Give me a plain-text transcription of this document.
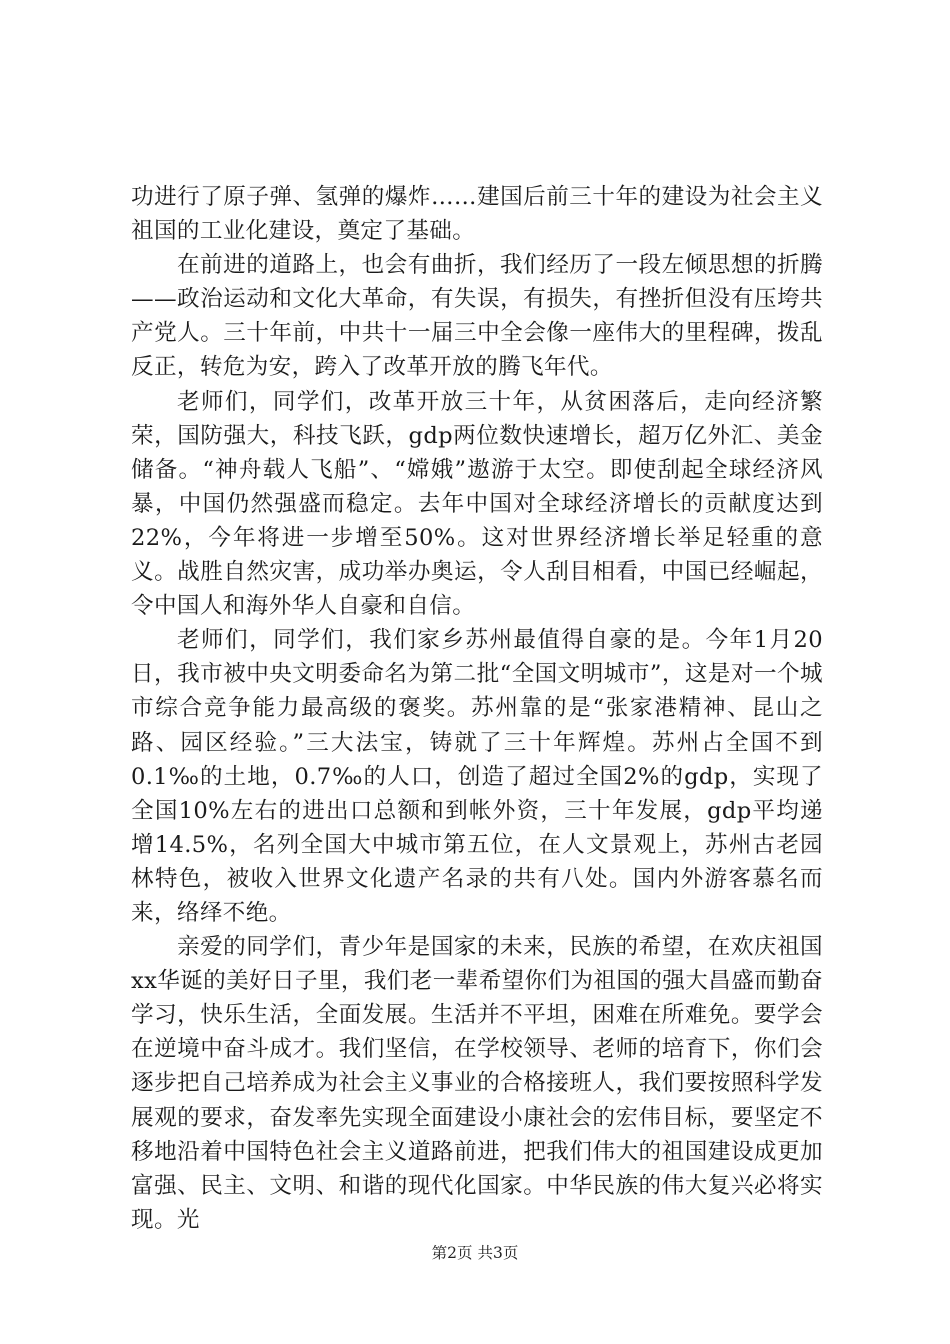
功进行了原子弹、氢弹的爆炸……建国后前三十年的建设为社会主义祖国的工业化建设，奠定了基础。

在前进的道路上，也会有曲折，我们经历了一段左倾思想的折腾——政治运动和文化大革命，有失误，有损失，有挫折但没有压垮共产党人。三十年前，中共十一届三中全会像一座伟大的里程碑，拨乱反正，转危为安，跨入了改革开放的腾飞年代。

老师们，同学们，改革开放三十年，从贫困落后，走向经济繁荣，国防强大，科技飞跃，gdp两位数快速增长，超万亿外汇、美金储备。“神舟载人飞船”、“嫦娥”遨游于太空。即使刮起全球经济风暴，中国仍然强盛而稳定。去年中国对全球经济增长的贡献度达到22%，今年将进一步增至50%。这对世界经济增长举足轻重的意义。战胜自然灾害，成功举办奥运，令人刮目相看，中国已经崛起，令中国人和海外华人自豪和自信。

老师们，同学们，我们家乡苏州最值得自豪的是。今年1月20日，我市被中央文明委命名为第二批“全国文明城市”，这是对一个城市综合竞争能力最高级的褒奖。苏州靠的是“张家港精神、昆山之路、园区经验。”三大法宝，铸就了三十年辉煌。苏州占全国不到0.1‰的土地，0.7‰的人口，创造了超过全国2%的gdp，实现了全国10%左右的进出口总额和到帐外资，三十年发展，gdp平均递增14.5%，名列全国大中城市第五位，在人文景观上，苏州古老园林特色，被收入世界文化遗产名录的共有八处。国内外游客慕名而来，络绎不绝。

亲爱的同学们，青少年是国家的未来，民族的希望，在欢庆祖国xx华诞的美好日子里，我们老一辈希望你们为祖国的强大昌盛而勤奋学习，快乐生活，全面发展。生活并不平坦，困难在所难免。要学会在逆境中奋斗成才。我们坚信，在学校领导、老师的培育下，你们会逐步把自己培养成为社会主义事业的合格接班人，我们要按照科学发展观的要求，奋发率先实现全面建设小康社会的宏伟目标，要坚定不移地沿着中国特色社会主义道路前进，把我们伟大的祖国建设成更加富强、民主、文明、和谐的现代化国家。中华民族的伟大复兴必将实现。光

第2页 共3页
